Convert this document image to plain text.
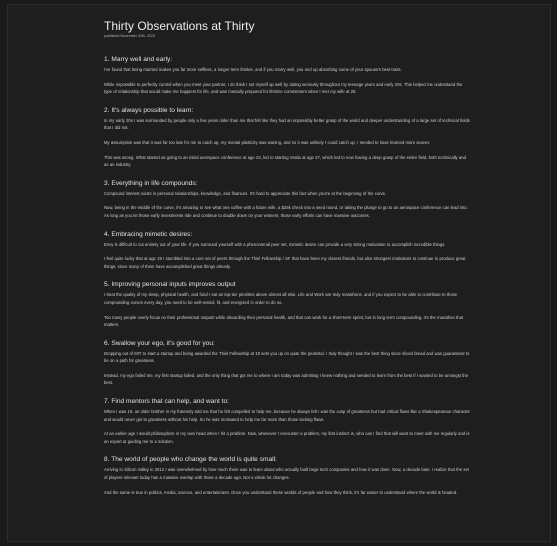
Thirty Observations at Thirty

published November 20th, 2023

1. Marry well and early:

I've found that being married makes you far more selfless, a longer term thinker, and if you marry well, you end up absorbing some of your spouse's best traits.

While impossible to perfectly control when you meet your partner, I do think I set myself up well by dating seriously throughout my teenage years and early 20s. This helped me understand the type of relationship that would make me happiest for life, and was mentally prepared for lifetime commitment when I met my wife at 25.

2. It's always possible to learn:

In my early 20s I was surrounded by people only a few years older than me that felt like they had an impossibly better grasp of the world and deeper understanding of a large set of technical fields that I did not.

My assumption was that it was far too late for me to catch up, my mental plasticity was waning, and so it was unlikely I could catch up, I needed to have learned more sooner.

This was wrong. What started as going to an initial aerospace conference at age 23, led to starting Varda at age 27, which led to now having a deep grasp of the entire field, both technically and as an industry.

3. Everything in life compounds:

Compound interest exists in personal relationships, knowledge, and finances. It's hard to appreciate this fact when you're at the beginning of the curve.

Now, being in the middle of the curve, it's amazing to see what one coffee with a future wife, a $25k check into a seed round, or taking the plunge to go to an aerospace conference can lead into. As long as you let those early investments ride and continue to double down on your winners, those early efforts can have massive outcomes.

4. Embracing mimetic desires:

Envy is difficult to cut entirely out of your life. If you surround yourself with a phenomenal peer set, mimetic desire can provide a very strong motivation to accomplish incredible things.

I feel quite lucky that at age 19 I stumbled into a core set of peers through the Thiel Fellowship / SF that have been my closest friends, but also strongest motivators to continue to produce great things, since many of them have accomplished great things already.

5. Improving personal inputs improves output

I treat the quality of my sleep, physical health, and food I eat as top-tier priorities above almost all else. Life and Work are truly marathons, and if you expect to be able to contribute to those compounding curves every day, you need to be well-rested, fit, and energized in order to do so.

Too many people overly focus on their professional outputs while discarding their personal health, and that can work for a short-term sprint, but in long term compounding, it's the marathon that matters.

6. Swallow your ego, it's good for you:

Dropping out of MIT to start a startup and being awarded the Thiel Fellowship at 19 sets you up on quite the pedestal. I truly thought I was the best thing since sliced bread and was guaranteed to be on a path for greatness.

Instead, my ego failed me, my first startup failed, and the only thing that got me to where I am today was admitting I knew nothing and needed to learn from the best if I wanted to be amongst the best.

7. Find mentors that can help, and want to:

When I was 19, an older brother in my fraternity told me that he felt compelled to help me, because he always felt I was the cusp of greatness but had critical flaws like a Shakespearean character and would never get to greatness without his help. So he was motivated to help me far more than those lacking flaws.

At an earlier age I would philosophize in my own head when I hit a problem. Now, whenever I encounter a problem, my first instinct is, who can I find that will want to meet with me regularly and is an expert at guiding me to a solution.

8. The world of people who change the world is quite small:

Arriving in Silicon Valley in 2012 I was overwhelmed by how much there was to learn about who actually built large tech companies and how it was done. Now, a decade later, I realize that the set of players relevant today has a massive overlap with those a decade ago. Not a whole lot changes.

And the same is true in politics, media, science, and entertainment. Once you understand these worlds of people and how they think, it's far easier to understand where the world is headed.
